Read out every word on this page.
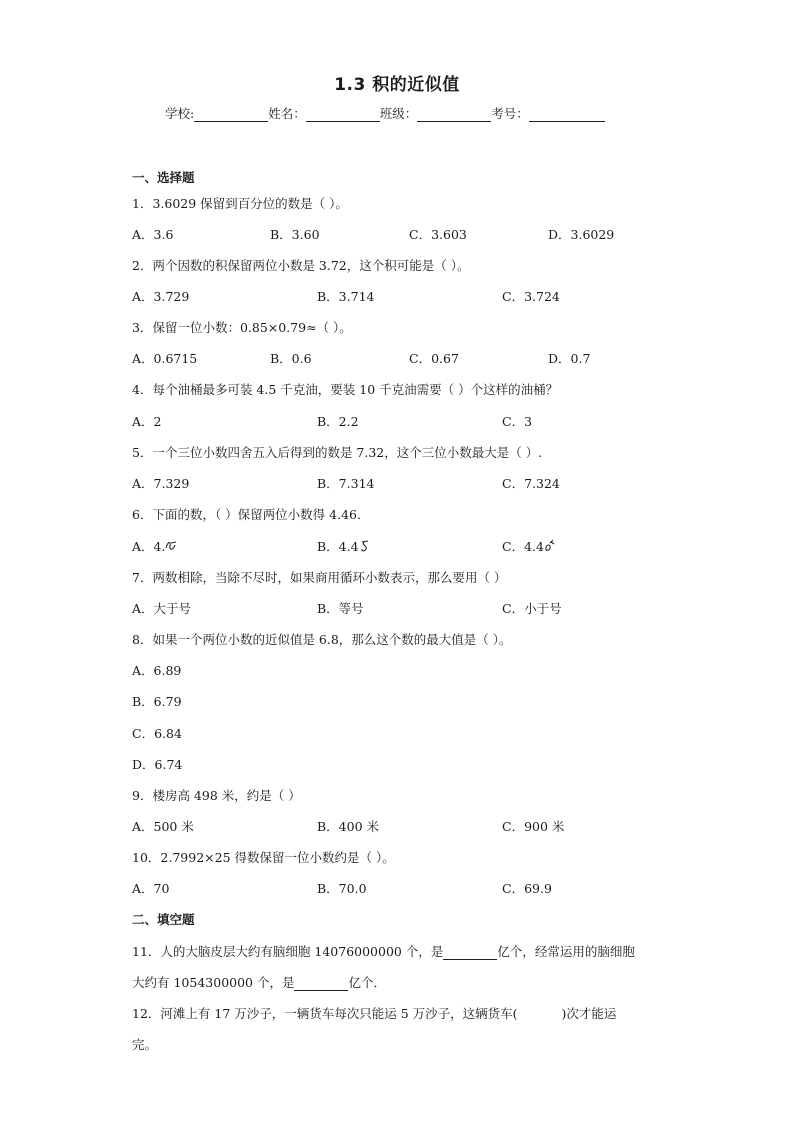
1.3 积的近似值
学校:	姓名：	班级：	考号：
一、选择题
1．3.6029 保留到百分位的数是（ ）。
A．3.6	B．3.60	C．3.603	D．3.6029
2．两个因数的积保留两位小数是 3.72，这个积可能是（ ）。
A．3.729	B．3.714	C．3.724
3．保留一位小数：0.85×0.79≈（ ）。
A．0.6715	B．0.6	C．0.67	D．0.7
4．每个油桶最多可装 4.5 千克油，要装 10 千克油需要（ ）个这样的油桶？
A．2	B．2.2	C．3
5．一个三位小数四舍五入后得到的数是 7.32，这个三位小数最大是（ ）.
A．7.329	B．7.314	C．7.324
6．下面的数，（ ）保留两位小数得 4.46．
A．4.	B．4.4	C．4.4
7．两数相除，当除不尽时，如果商用循环小数表示，那么要用（ ）
A．大于号	B．等号	C．小于号
8．如果一个两位小数的近似值是 6.8，那么这个数的最大值是（ ）。
A．6.89
B．6.79
C．6.84
D．6.74
9．楼房高 498 米，约是（ ）
A．500 米	B．400 米	C．900 米
10．2.7992×25 得数保留一位小数约是（ ）。
A．70	B．70.0	C．69.9
二、填空题
11．人的大脑皮层大约有脑细胞 14076000000 个，是	亿个，经常运用的脑细胞
大约有 1054300000 个，是	亿个．
12．河滩上有 17 万沙子，一辆货车每次只能运 5 万沙子，这辆货车(	)次才能运
完。
